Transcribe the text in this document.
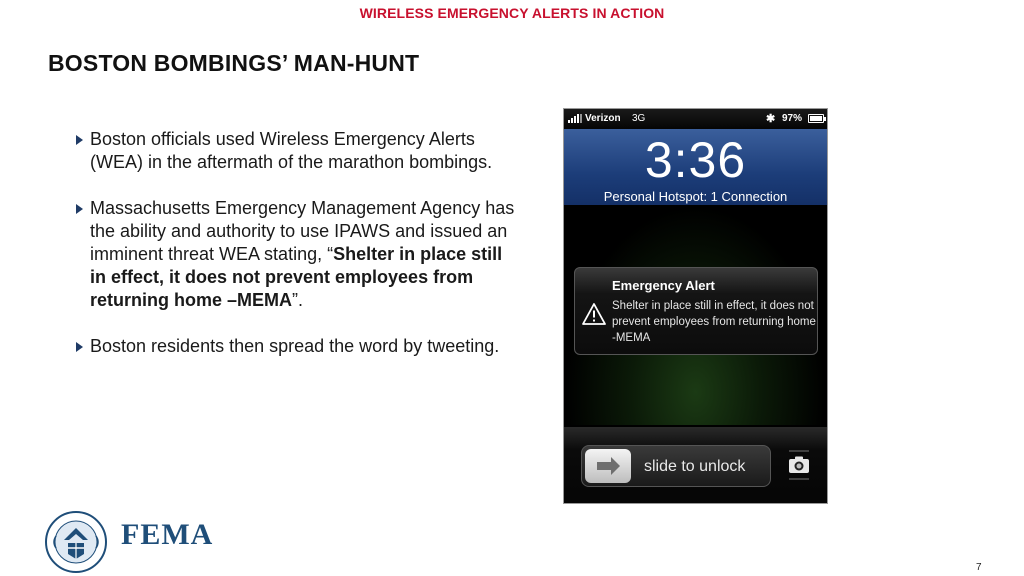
WIRELESS EMERGENCY ALERTS IN ACTION
BOSTON BOMBINGS’ MAN-HUNT
Boston officials used Wireless Emergency Alerts (WEA) in the aftermath of the marathon bombings.
Massachusetts Emergency Management Agency has the ability and authority to use IPAWS and issued an imminent threat WEA stating, “Shelter in place still in effect, it does not prevent employees from returning home –MEMA”.
Boston residents then spread the word by tweeting.
Verizon 3G	✱ 97%
3:36
Personal Hotspot: 1 Connection
Emergency Alert
Shelter in place still in effect, it does not prevent employees from returning home -MEMA
slide to unlock
FEMA
7
